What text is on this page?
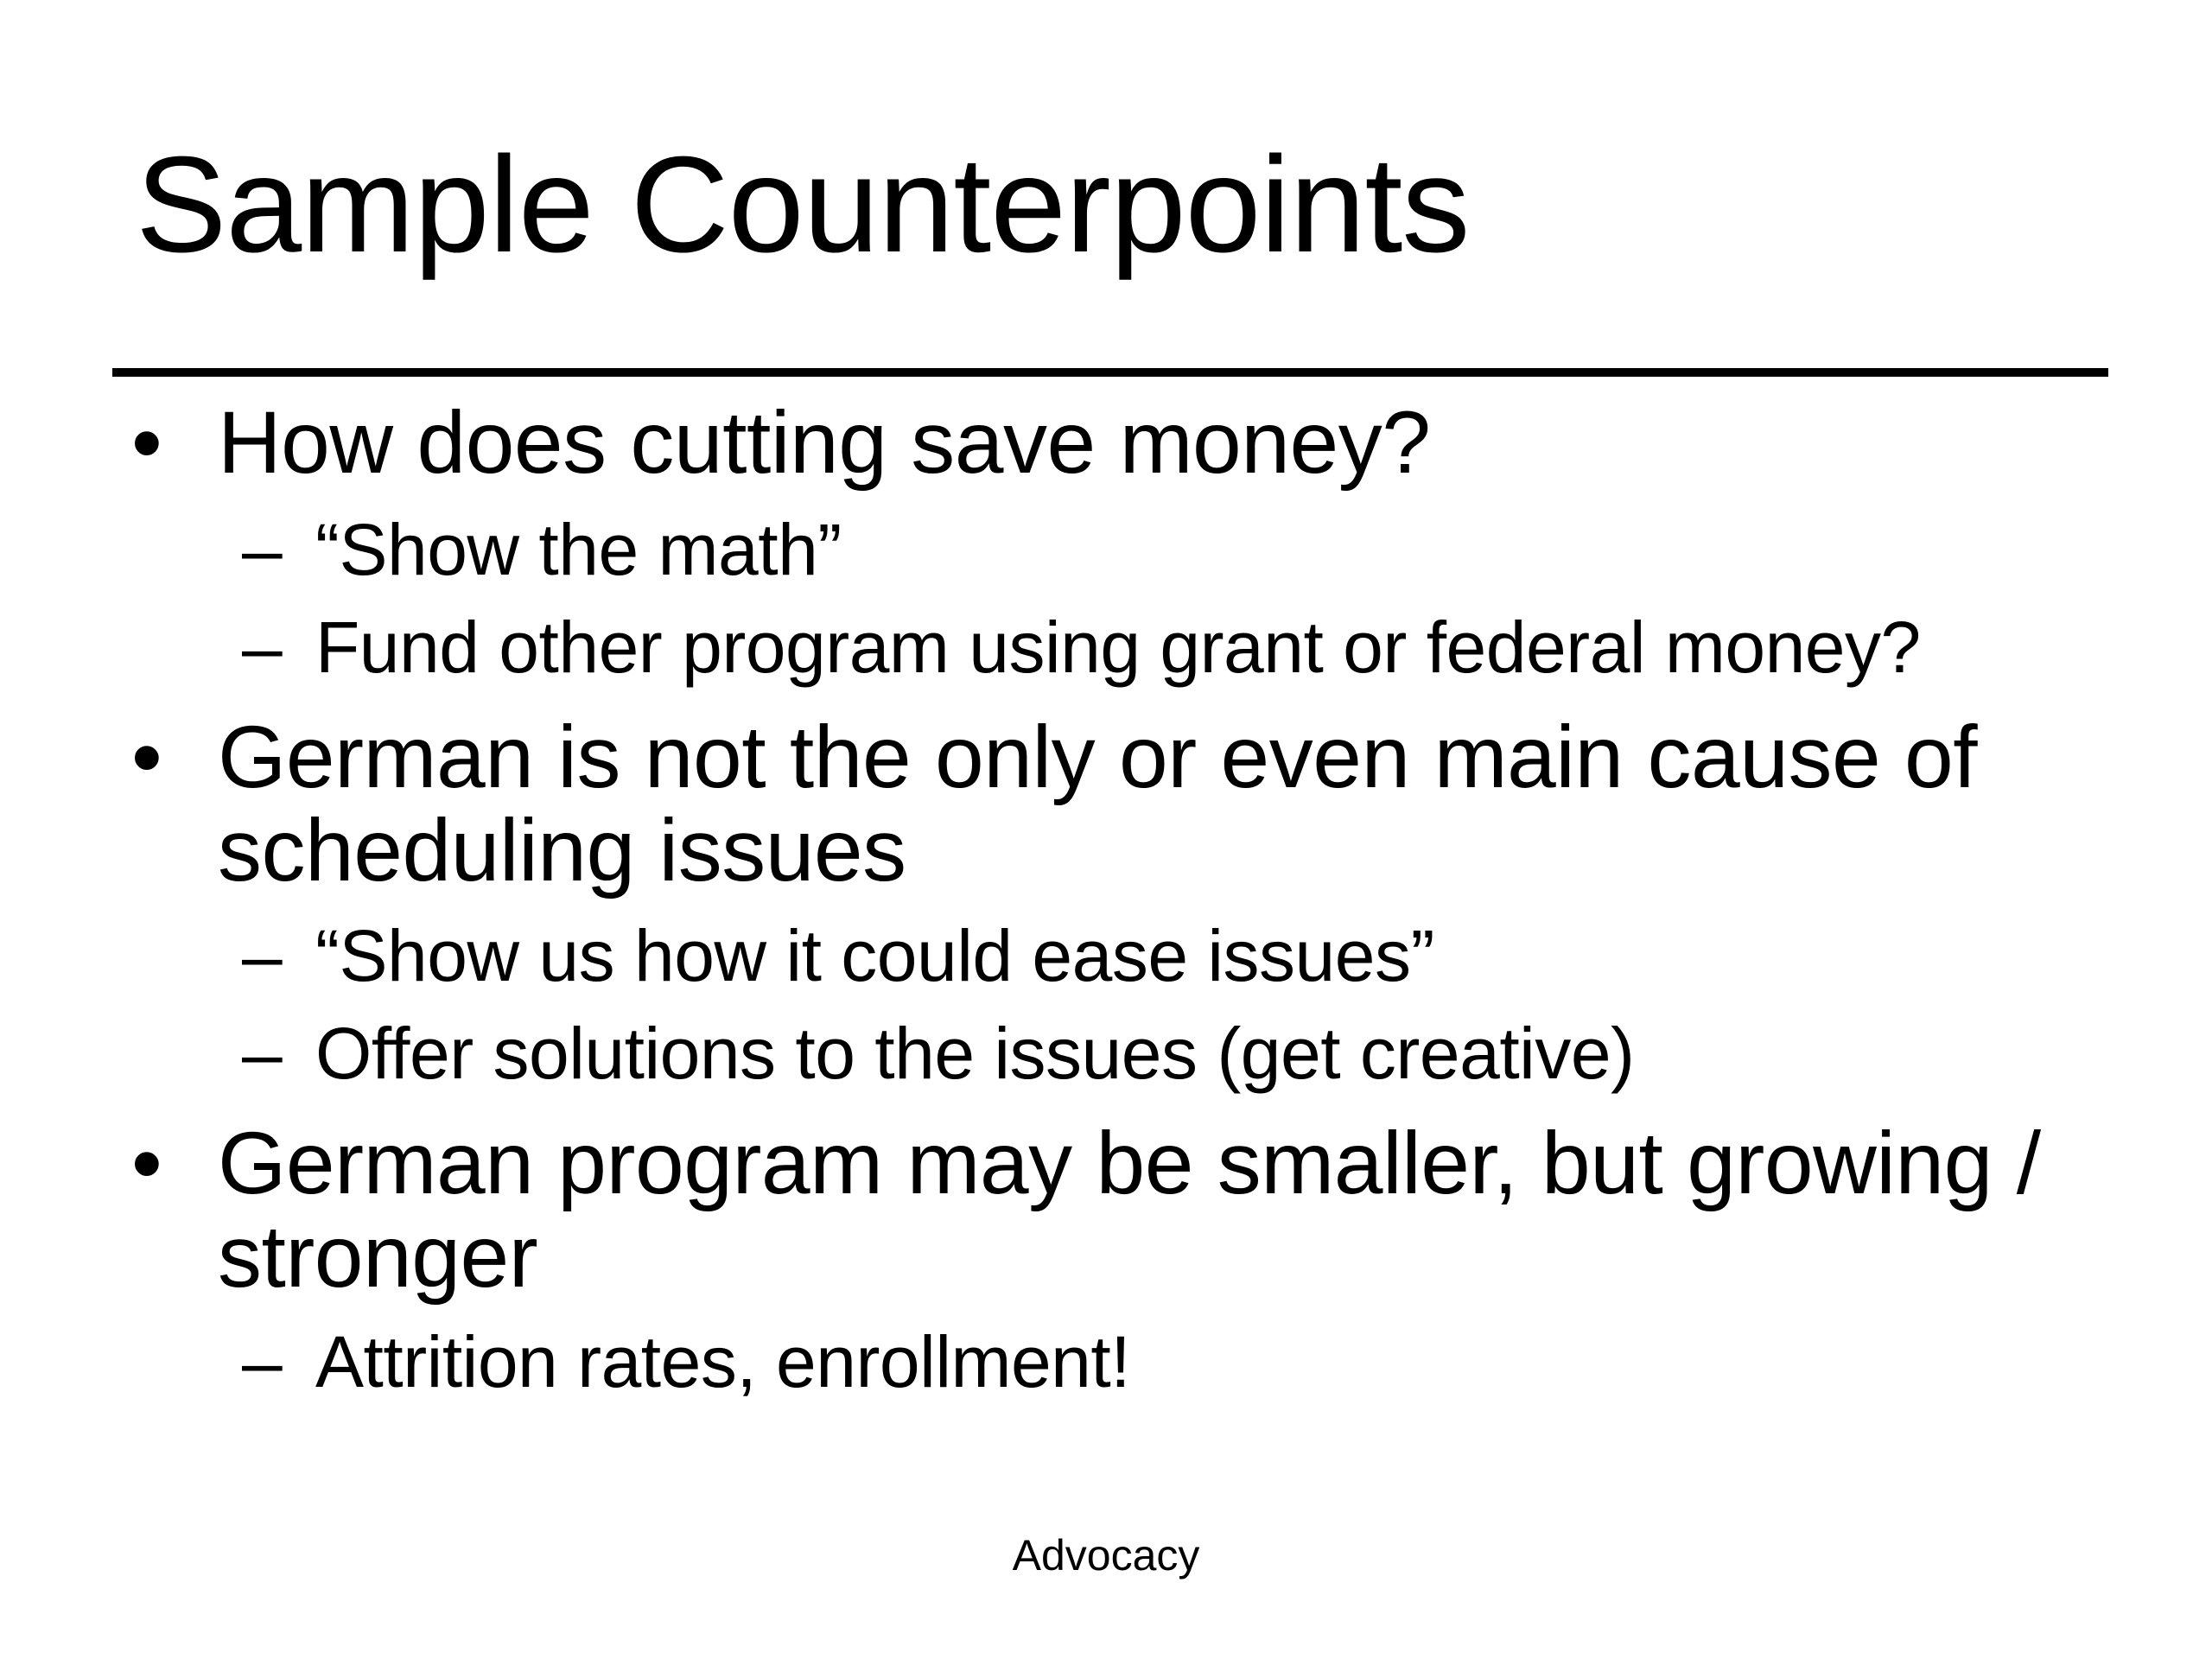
Sample Counterpoints
• How does cutting save money?
– “Show the math”
– Fund other program using grant or federal money?
• German is not the only or even main cause of
scheduling issues
– “Show us how it could ease issues”
– Offer solutions to the issues (get creative)
• German program may be smaller, but growing /
stronger
– Attrition rates, enrollment!
Advocacy
